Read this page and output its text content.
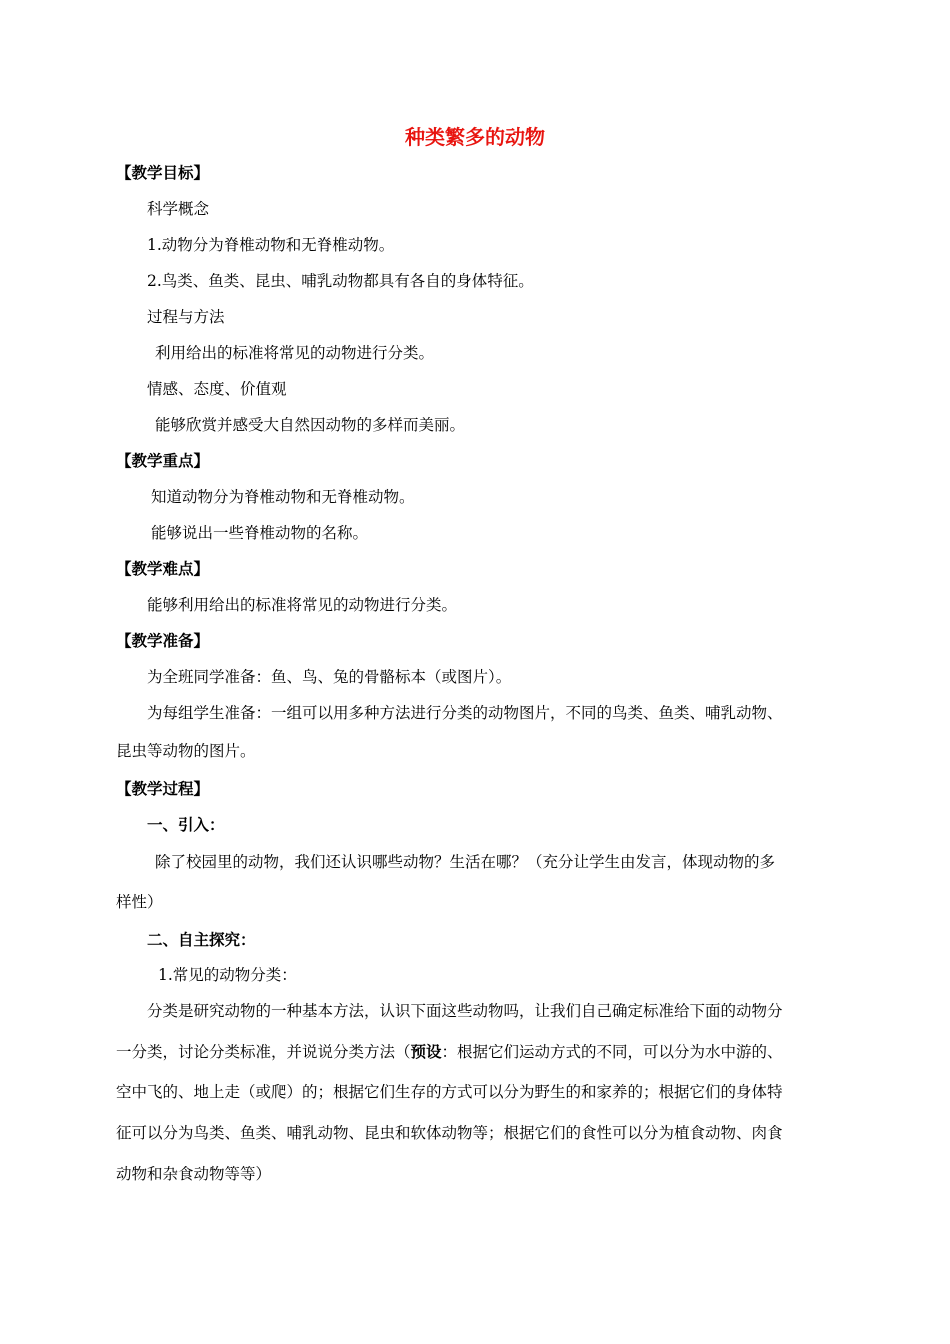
种类繁多的动物
【教学目标】
科学概念
1.动物分为脊椎动物和无脊椎动物。
2.鸟类、鱼类、昆虫、哺乳动物都具有各自的身体特征。
过程与方法
利用给出的标准将常见的动物进行分类。
情感、态度、价值观
能够欣赏并感受大自然因动物的多样而美丽。
【教学重点】
知道动物分为脊椎动物和无脊椎动物。
能够说出一些脊椎动物的名称。
【教学难点】
能够利用给出的标准将常见的动物进行分类。
【教学准备】
为全班同学准备：鱼、鸟、兔的骨骼标本（或图片）。
为每组学生准备：一组可以用多种方法进行分类的动物图片，不同的鸟类、鱼类、哺乳动物、
昆虫等动物的图片。
【教学过程】
一、引入：
除了校园里的动物，我们还认识哪些动物？生活在哪？（充分让学生由发言，体现动物的多
样性）
二、自主探究：
1.常见的动物分类：
分类是研究动物的一种基本方法，认识下面这些动物吗，让我们自己确定标准给下面的动物分
一分类，讨论分类标准，并说说分类方法（预设：根据它们运动方式的不同，可以分为水中游的、
空中飞的、地上走（或爬）的；根据它们生存的方式可以分为野生的和家养的；根据它们的身体特
征可以分为鸟类、鱼类、哺乳动物、昆虫和软体动物等；根据它们的食性可以分为植食动物、肉食
动物和杂食动物等等）
